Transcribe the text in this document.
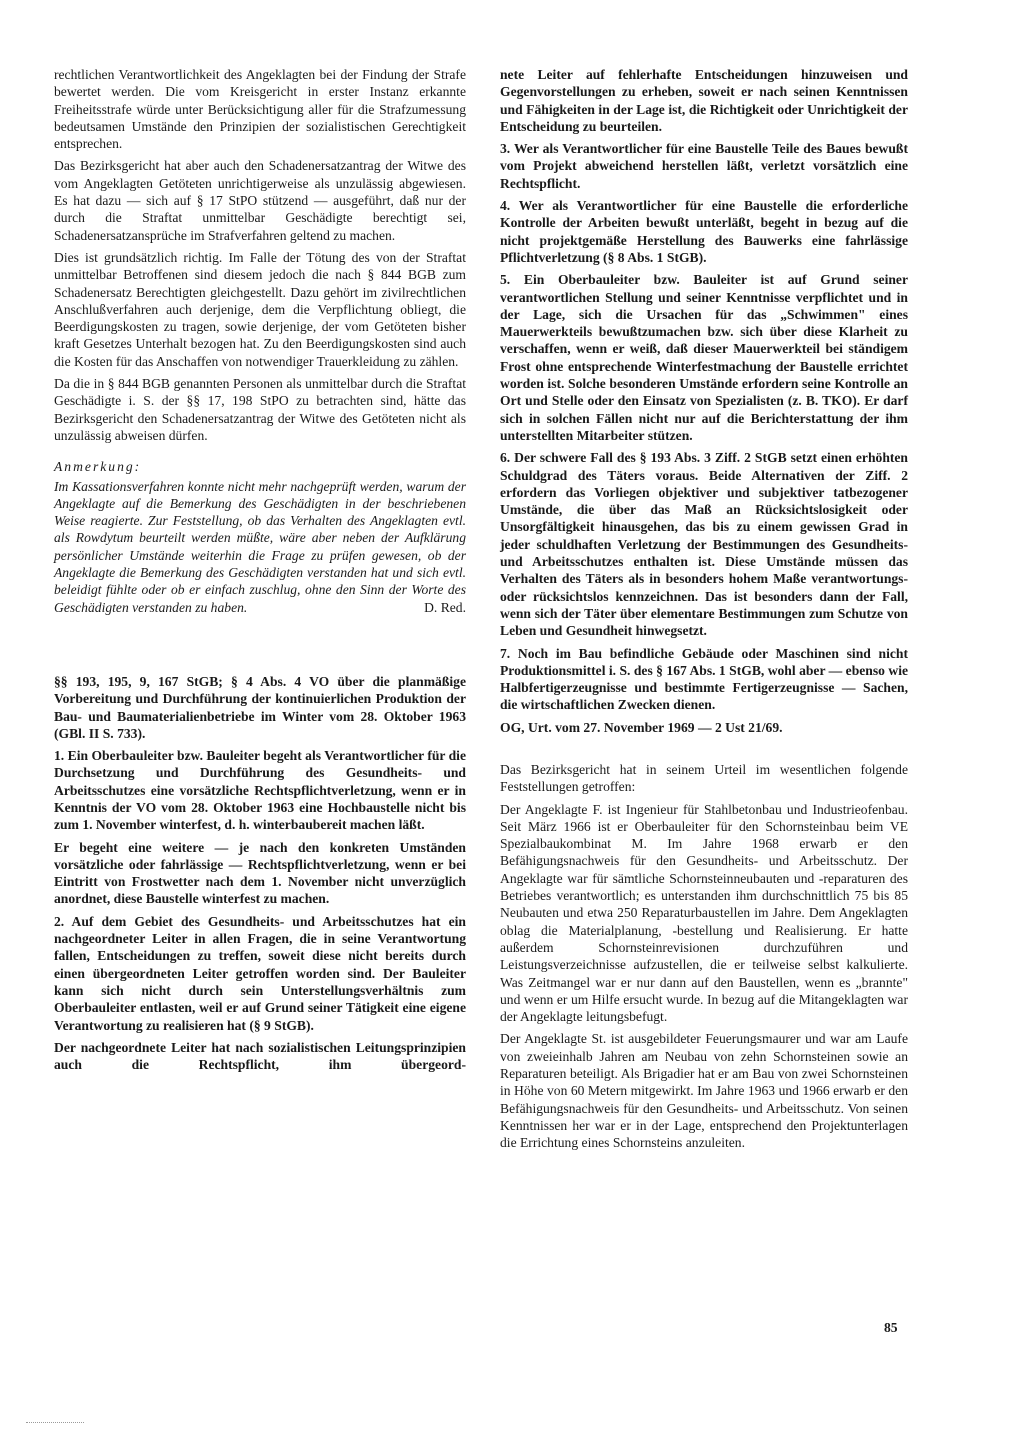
rechtlichen Verantwortlichkeit des Angeklagten bei der Findung der Strafe bewertet werden. Die vom Kreisgericht in erster Instanz erkannte Freiheitsstrafe würde unter Berücksichtigung aller für die Strafzumessung bedeutsamen Umstände den Prinzipien der sozialistischen Gerechtigkeit entsprechen.

Das Bezirksgericht hat aber auch den Schadenersatzantrag der Witwe des vom Angeklagten Getöteten unrichtigerweise als unzulässig abgewiesen. Es hat dazu — sich auf § 17 StPO stützend — ausgeführt, daß nur der durch die Straftat unmittelbar Geschädigte berechtigt sei, Schadenersatzansprüche im Strafverfahren geltend zu machen.

Dies ist grundsätzlich richtig. Im Falle der Tötung des von der Straftat unmittelbar Betroffenen sind diesem jedoch die nach § 844 BGB zum Schadenersatz Berechtigten gleichgestellt. Dazu gehört im zivilrechtlichen Anschlußverfahren auch derjenige, dem die Verpflichtung obliegt, die Beerdigungskosten zu tragen, sowie derjenige, der vom Getöteten bisher kraft Gesetzes Unterhalt bezogen hat. Zu den Beerdigungskosten sind auch die Kosten für das Anschaffen von notwendiger Trauerkleidung zu zählen.

Da die in § 844 BGB genannten Personen als unmittelbar durch die Straftat Geschädigte i. S. der §§ 17, 198 StPO zu betrachten sind, hätte das Bezirksgericht den Schadenersatzantrag der Witwe des Getöteten nicht als unzulässig abweisen dürfen.

Anmerkung:

Im Kassationsverfahren konnte nicht mehr nachgeprüft werden, warum der Angeklagte auf die Bemerkung des Geschädigten in der beschriebenen Weise reagierte. Zur Feststellung, ob das Verhalten des Angeklagten evtl. als Rowdytum beurteilt werden müßte, wäre aber neben der Aufklärung persönlicher Umstände weiterhin die Frage zu prüfen gewesen, ob der Angeklagte die Bemerkung des Geschädigten verstanden hat und sich evtl. beleidigt fühlte oder ob er einfach zuschlug, ohne den Sinn der Worte des Geschädigten verstanden zu haben.	D. Red.

§§ 193, 195, 9, 167 StGB; § 4 Abs. 4 VO über die planmäßige Vorbereitung und Durchführung der kontinuierlichen Produktion der Bau- und Baumaterialienbetriebe im Winter vom 28. Oktober 1963 (GBl. II S. 733).

1. Ein Oberbauleiter bzw. Bauleiter begeht als Verantwortlicher für die Durchsetzung und Durchführung des Gesundheits- und Arbeitsschutzes eine vorsätzliche Rechtspflichtverletzung, wenn er in Kenntnis der VO vom 28. Oktober 1963 eine Hochbaustelle nicht bis zum 1. November winterfest, d. h. winterbaubereit machen läßt.

Er begeht eine weitere — je nach den konkreten Umständen vorsätzliche oder fahrlässige — Rechtspflichtverletzung, wenn er bei Eintritt von Frostwetter nach dem 1. November nicht unverzüglich anordnet, diese Baustelle winterfest zu machen.

2. Auf dem Gebiet des Gesundheits- und Arbeitsschutzes hat ein nachgeordneter Leiter in allen Fragen, die in seine Verantwortung fallen, Entscheidungen zu treffen, soweit diese nicht bereits durch einen übergeordneten Leiter getroffen worden sind. Der Bauleiter kann sich nicht durch sein Unterstellungsverhältnis zum Oberbauleiter entlasten, weil er auf Grund seiner Tätigkeit eine eigene Verantwortung zu realisieren hat (§ 9 StGB).

Der nachgeordnete Leiter hat nach sozialistischen Leitungsprinzipien auch die Rechtspflicht, ihm übergeord-

nete Leiter auf fehlerhafte Entscheidungen hinzuweisen und Gegenvorstellungen zu erheben, soweit er nach seinen Kenntnissen und Fähigkeiten in der Lage ist, die Richtigkeit oder Unrichtigkeit der Entscheidung zu beurteilen.

3. Wer als Verantwortlicher für eine Baustelle Teile des Baues bewußt vom Projekt abweichend herstellen läßt, verletzt vorsätzlich eine Rechtspflicht.

4. Wer als Verantwortlicher für eine Baustelle die erforderliche Kontrolle der Arbeiten bewußt unterläßt, begeht in bezug auf die nicht projektgemäße Herstellung des Bauwerks eine fahrlässige Pflichtverletzung (§ 8 Abs. 1 StGB).

5. Ein Oberbauleiter bzw. Bauleiter ist auf Grund seiner verantwortlichen Stellung und seiner Kenntnisse verpflichtet und in der Lage, sich die Ursachen für das „Schwimmen" eines Mauerwerkteils bewußtzumachen bzw. sich über diese Klarheit zu verschaffen, wenn er weiß, daß dieser Mauerwerkteil bei ständigem Frost ohne entsprechende Winterfestmachung der Baustelle errichtet worden ist. Solche besonderen Umstände erfordern seine Kontrolle an Ort und Stelle oder den Einsatz von Spezialisten (z. B. TKO). Er darf sich in solchen Fällen nicht nur auf die Berichterstattung der ihm unterstellten Mitarbeiter stützen.

6. Der schwere Fall des § 193 Abs. 3 Ziff. 2 StGB setzt einen erhöhten Schuldgrad des Täters voraus. Beide Alternativen der Ziff. 2 erfordern das Vorliegen objektiver und subjektiver tatbezogener Umstände, die über das Maß an Rücksichtslosigkeit oder Unsorgfältigkeit hinausgehen, das bis zu einem gewissen Grad in jeder schuldhaften Verletzung der Bestimmungen des Gesundheits- und Arbeitsschutzes enthalten ist. Diese Umstände müssen das Verhalten des Täters als in besonders hohem Maße verantwortungs- oder rücksichtslos kennzeichnen. Das ist besonders dann der Fall, wenn sich der Täter über elementare Bestimmungen zum Schutze von Leben und Gesundheit hinwegsetzt.

7. Noch im Bau befindliche Gebäude oder Maschinen sind nicht Produktionsmittel i. S. des § 167 Abs. 1 StGB, wohl aber — ebenso wie Halbfertigerzeugnisse und bestimmte Fertigerzeugnisse — Sachen, die wirtschaftlichen Zwecken dienen.

OG, Urt. vom 27. November 1969 — 2 Ust 21/69.

Das Bezirksgericht hat in seinem Urteil im wesentlichen folgende Feststellungen getroffen:

Der Angeklagte F. ist Ingenieur für Stahlbetonbau und Industrieofenbau. Seit März 1966 ist er Oberbauleiter für den Schornsteinbau beim VE Spezialbaukombinat M. Im Jahre 1968 erwarb er den Befähigungsnachweis für den Gesundheits- und Arbeitsschutz. Der Angeklagte war für sämtliche Schornsteinneubauten und -reparaturen des Betriebes verantwortlich; es unterstanden ihm durchschnittlich 75 bis 85 Neubauten und etwa 250 Reparaturbaustellen im Jahre. Dem Angeklagten oblag die Materialplanung, -bestellung und Realisierung. Er hatte außerdem Schornsteinrevisionen durchzuführen und Leistungsverzeichnisse aufzustellen, die er teilweise selbst kalkulierte. Was Zeitmangel war er nur dann auf den Baustellen, wenn es „brannte" und wenn er um Hilfe ersucht wurde. In bezug auf die Mitangeklagten war der Angeklagte leitungsbefugt.

Der Angeklagte St. ist ausgebildeter Feuerungsmaurer und war am Laufe von zweieinhalb Jahren am Neubau von zehn Schornsteinen sowie an Reparaturen beteiligt. Als Brigadier hat er am Bau von zwei Schornsteinen in Höhe von 60 Metern mitgewirkt. Im Jahre 1963 und 1966 erwarb er den Befähigungsnachweis für den Gesundheits- und Arbeitsschutz. Von seinen Kenntnissen her war er in der Lage, entsprechend den Projektunterlagen die Errichtung eines Schornsteins anzuleiten.

85
